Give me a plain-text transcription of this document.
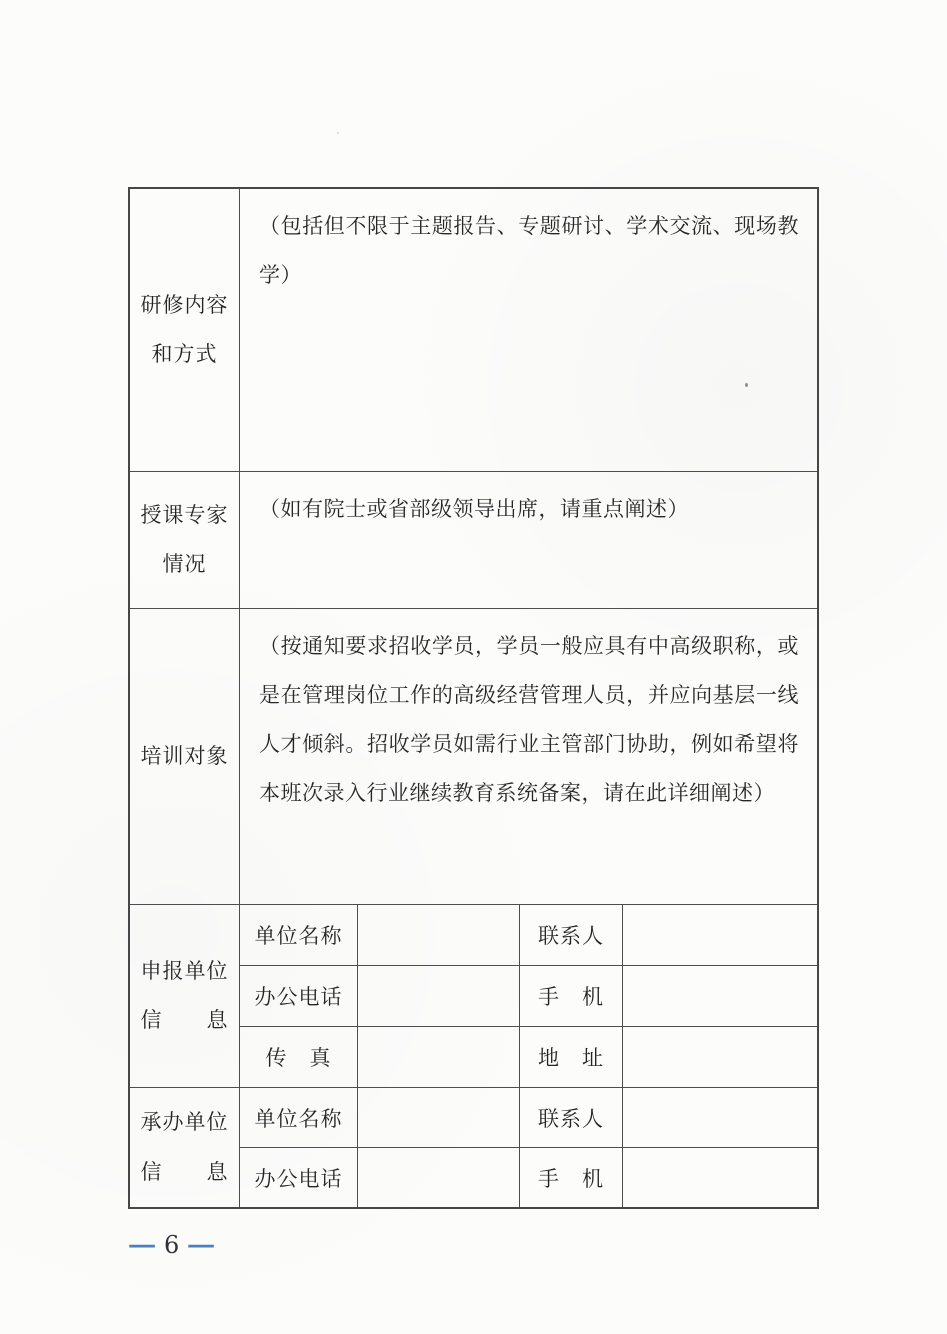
研修内容
和方式

（包括但不限于主题报告、专题研讨、学术交流、现场教学）

授课专家
情况

（如有院士或省部级领导出席，请重点阐述）

培训对象

（按通知要求招收学员，学员一般应具有中高级职称，或是在管理岗位工作的高级经营管理人员，并应向基层一线人才倾斜。招收学员如需行业主管部门协助，例如希望将本班次录入行业继续教育系统备案，请在此详细阐述）

申报单位
信　　息
单位名称	联系人
办公电话	手　机
传　真	地　址
承办单位
信　　息
单位名称	联系人
办公电话	手　机
— 6 —
